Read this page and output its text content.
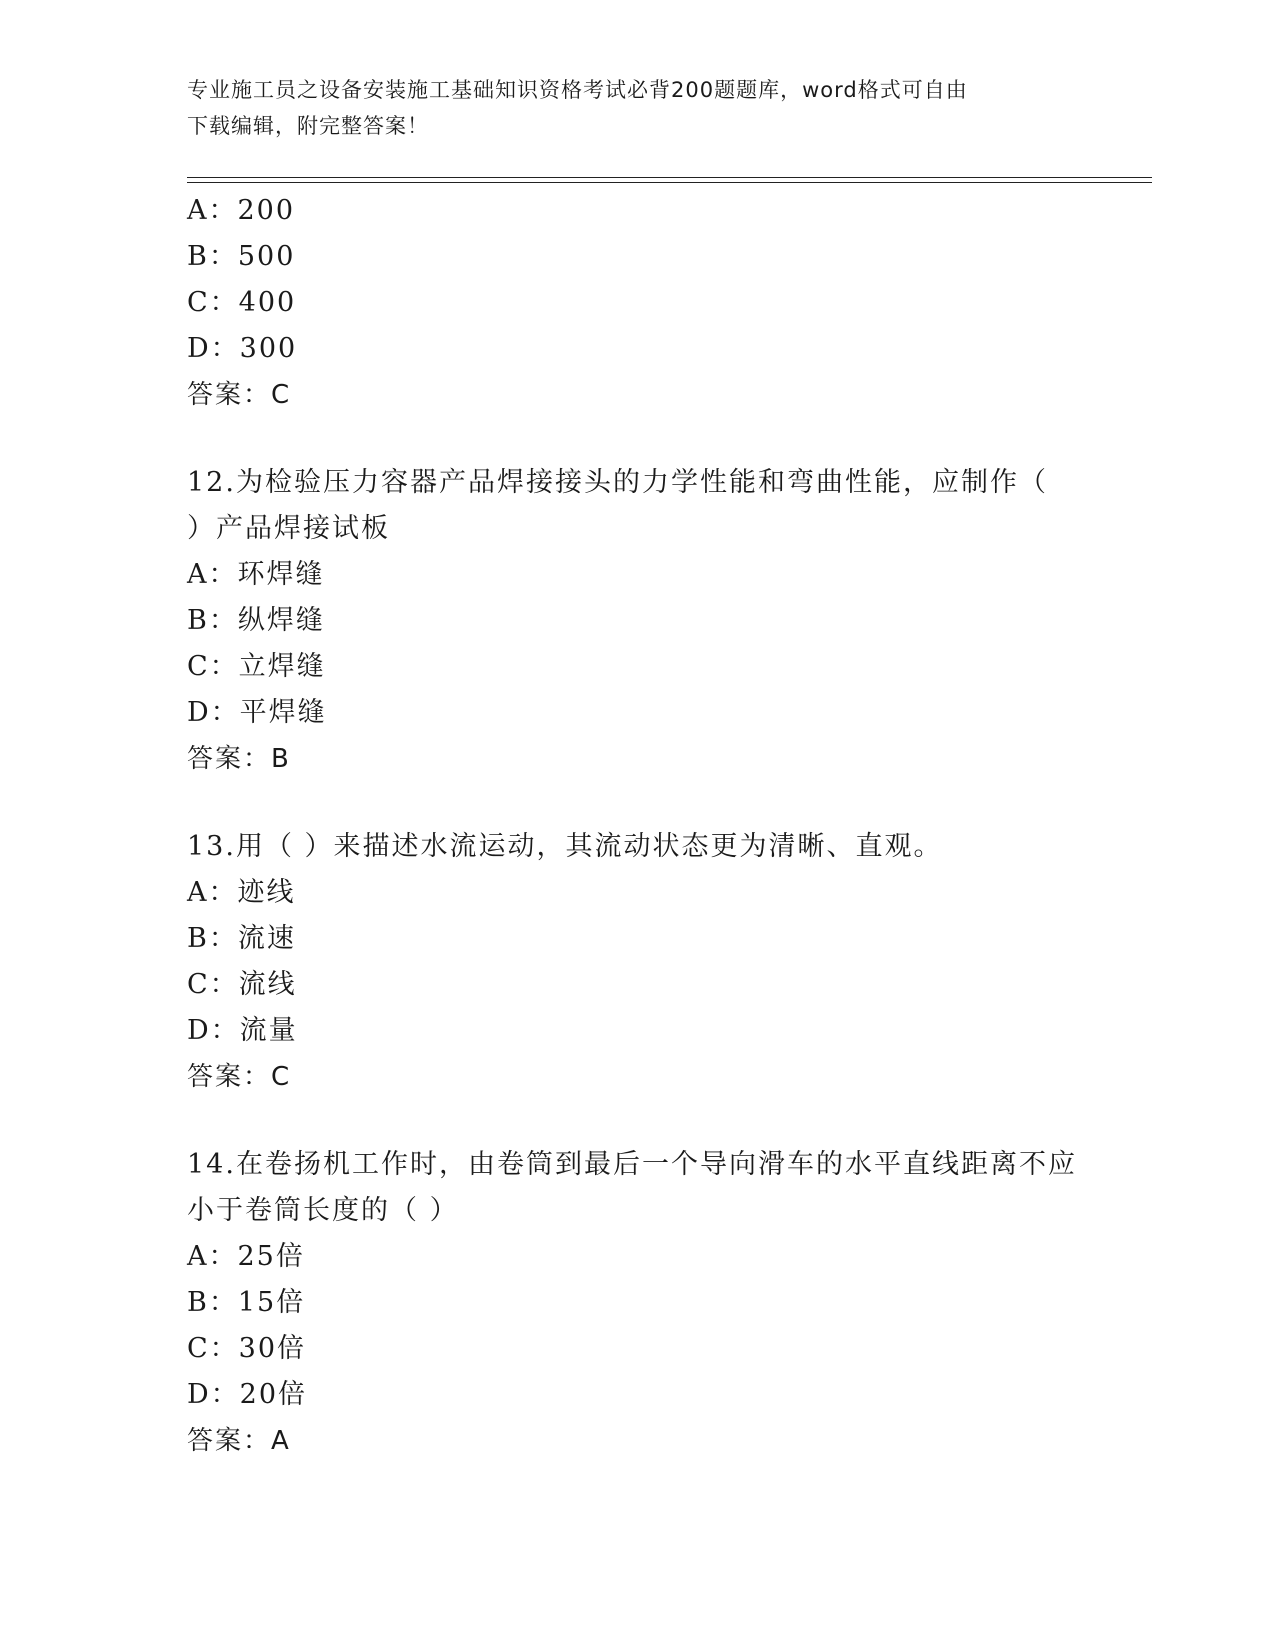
专业施工员之设备安装施工基础知识资格考试必背200题题库，word格式可自由
下载编辑，附完整答案！
A：200
B：500
C：400
D：300
答案：C
12.为检验压力容器产品焊接接头的力学性能和弯曲性能，应制作（
）产品焊接试板
A：环焊缝
B：纵焊缝
C：立焊缝
D：平焊缝
答案：B
13.用（ ）来描述水流运动，其流动状态更为清晰、直观。
A：迹线
B：流速
C：流线
D：流量
答案：C
14.在卷扬机工作时，由卷筒到最后一个导向滑车的水平直线距离不应
小于卷筒长度的（ ）
A：25倍
B：15倍
C：30倍
D：20倍
答案：A
